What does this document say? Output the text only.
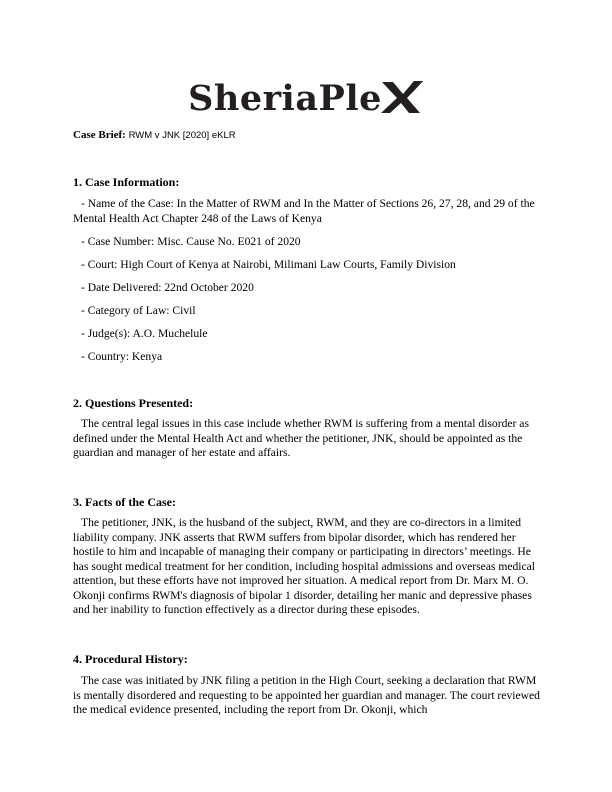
SheriaPle
Case Brief: RWM v JNK [2020] eKLR
1. Case Information:
- Name of the Case: In the Matter of RWM and In the Matter of Sections 26, 27, 28, and 29 of the Mental Health Act Chapter 248 of the Laws of Kenya
- Case Number: Misc. Cause No. E021 of 2020
- Court: High Court of Kenya at Nairobi, Milimani Law Courts, Family Division
- Date Delivered: 22nd October 2020
- Category of Law: Civil
- Judge(s): A.O. Muchelule
- Country: Kenya
2. Questions Presented:
The central legal issues in this case include whether RWM is suffering from a mental disorder as defined under the Mental Health Act and whether the petitioner, JNK, should be appointed as the guardian and manager of her estate and affairs.
3. Facts of the Case:
The petitioner, JNK, is the husband of the subject, RWM, and they are co-directors in a limited liability company. JNK asserts that RWM suffers from bipolar disorder, which has rendered her hostile to him and incapable of managing their company or participating in directors’ meetings. He has sought medical treatment for her condition, including hospital admissions and overseas medical attention, but these efforts have not improved her situation. A medical report from Dr. Marx M. O. Okonji confirms RWM's diagnosis of bipolar 1 disorder, detailing her manic and depressive phases and her inability to function effectively as a director during these episodes.
4. Procedural History:
The case was initiated by JNK filing a petition in the High Court, seeking a declaration that RWM is mentally disordered and requesting to be appointed her guardian and manager. The court reviewed the medical evidence presented, including the report from Dr. Okonji, which
